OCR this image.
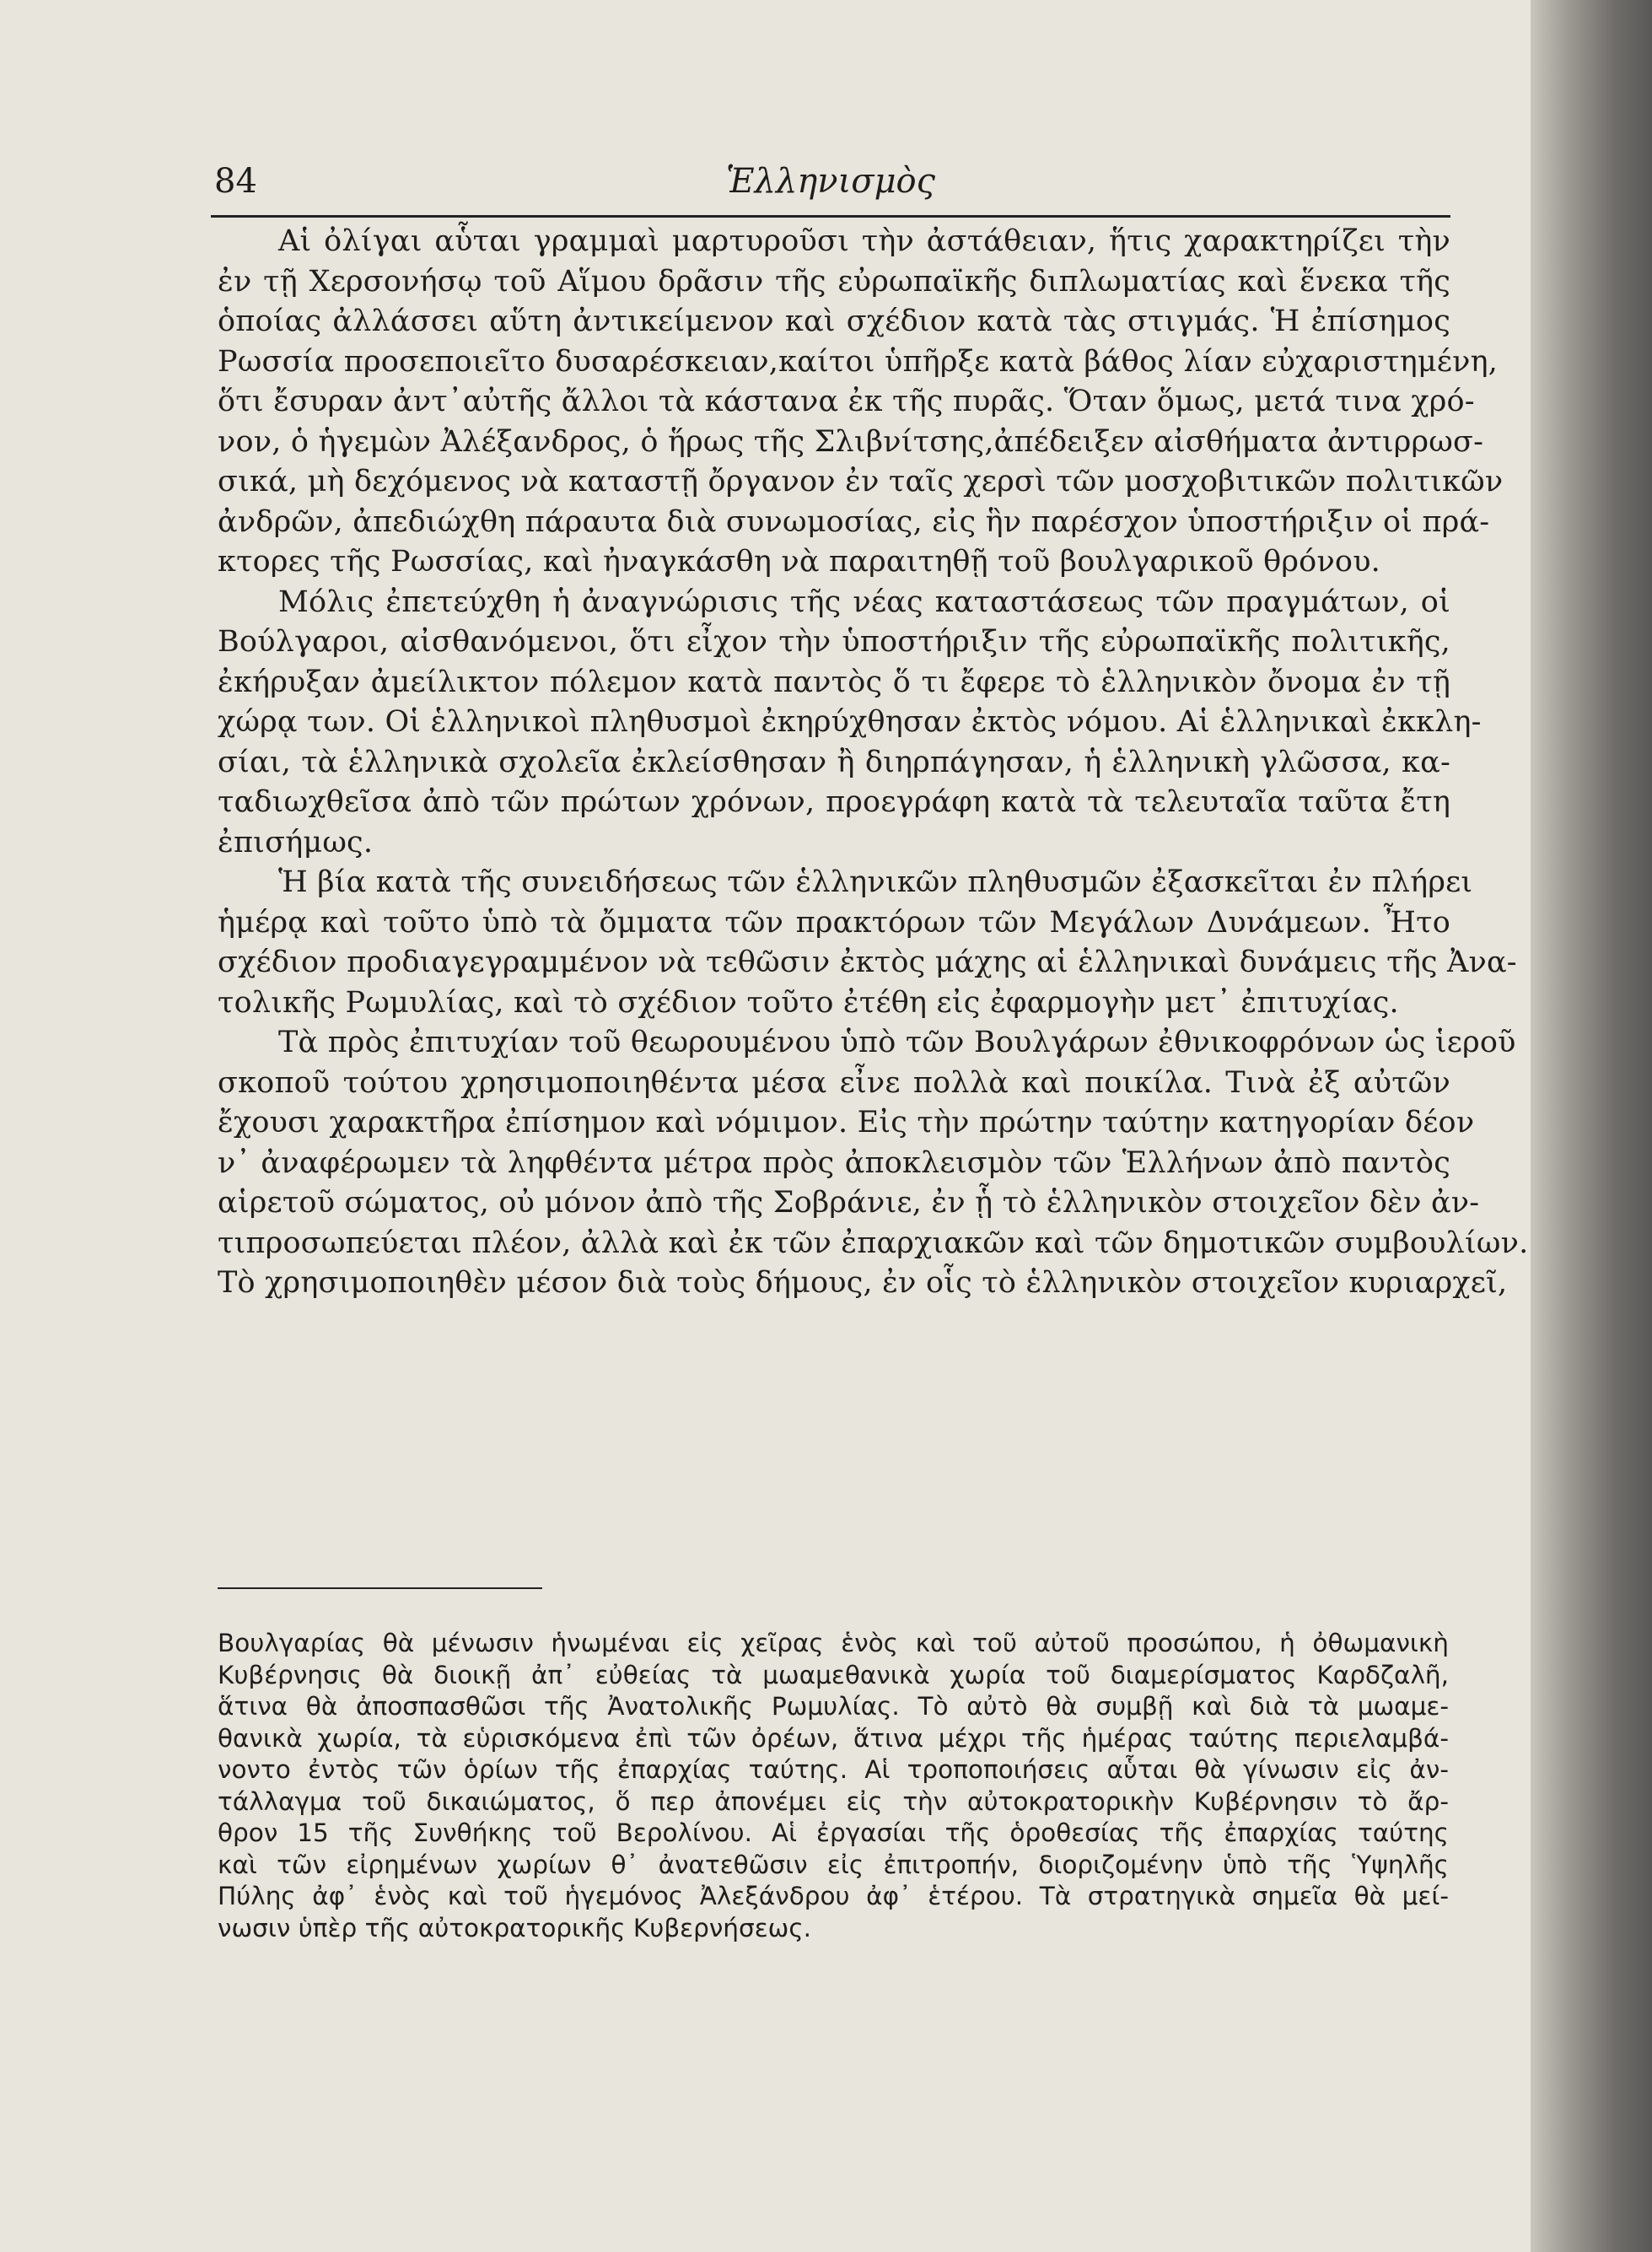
84	Ἑλληνισμὸς
Αἱ ὀλίγαι αὗται γραμμαὶ μαρτυροῦσι τὴν ἀστάθειαν, ἥτις χαρακτηρίζει τὴν
ἐν τῇ Χερσονήσῳ τοῦ Αἵμου δρᾶσιν τῆς εὐρωπαϊκῆς διπλωματίας καὶ ἕνεκα τῆς
ὁποίας ἀλλάσσει αὕτη ἀντικείμενον καὶ σχέδιον κατὰ τὰς στιγμάς. Ἡ ἐπίσημος
Ρωσσία προσεποιεῖτο δυσαρέσκειαν,καίτοι ὑπῆρξε κατὰ βάθος λίαν εὐχαριστημένη,
ὅτι ἔσυραν ἀντ᾽αὐτῆς ἄλλοι τὰ κάστανα ἐκ τῆς πυρᾶς. Ὅταν ὅμως, μετά τινα χρό-
νον, ὁ ἡγεμὼν Ἀλέξανδρος, ὁ ἥρως τῆς Σλιβνίτσης,ἀπέδειξεν αἰσθήματα ἀντιρρωσ-
σικά, μὴ δεχόμενος νὰ καταστῇ ὄργανον ἐν ταῖς χερσὶ τῶν μοσχοβιτικῶν πολιτικῶν
ἀνδρῶν, ἀπεδιώχθη πάραυτα διὰ συνωμοσίας, εἰς ἣν παρέσχον ὑποστήριξιν οἱ πρά-
κτορες τῆς Ρωσσίας, καὶ ἠναγκάσθη νὰ παραιτηθῇ τοῦ βουλγαρικοῦ θρόνου.
Μόλις ἐπετεύχθη ἡ ἀναγνώρισις τῆς νέας καταστάσεως τῶν πραγμάτων, οἱ
Βούλγαροι, αἰσθανόμενοι, ὅτι εἶχον τὴν ὑποστήριξιν τῆς εὐρωπαϊκῆς πολιτικῆς,
ἐκήρυξαν ἀμείλικτον πόλεμον κατὰ παντὸς ὅ τι ἔφερε τὸ ἑλληνικὸν ὄνομα ἐν τῇ
χώρᾳ των. Οἱ ἑλληνικοὶ πληθυσμοὶ ἐκηρύχθησαν ἐκτὸς νόμου. Αἱ ἑλληνικαὶ ἐκκλη-
σίαι, τὰ ἑλληνικὰ σχολεῖα ἐκλείσθησαν ἢ διηρπάγησαν, ἡ ἑλληνικὴ γλῶσσα, κα-
ταδιωχθεῖσα ἀπὸ τῶν πρώτων χρόνων, προεγράφη κατὰ τὰ τελευταῖα ταῦτα ἔτη
ἐπισήμως.
Ἡ βία κατὰ τῆς συνειδήσεως τῶν ἑλληνικῶν πληθυσμῶν ἐξασκεῖται ἐν πλήρει
ἡμέρᾳ καὶ τοῦτο ὑπὸ τὰ ὄμματα τῶν πρακτόρων τῶν Μεγάλων Δυνάμεων. Ἦτο
σχέδιον προδιαγεγραμμένον νὰ τεθῶσιν ἐκτὸς μάχης αἱ ἑλληνικαὶ δυνάμεις τῆς Ἀνα-
τολικῆς Ρωμυλίας, καὶ τὸ σχέδιον τοῦτο ἐτέθη εἰς ἐφαρμογὴν μετ᾽ ἐπιτυχίας.
Τὰ πρὸς ἐπιτυχίαν τοῦ θεωρουμένου ὑπὸ τῶν Βουλγάρων ἐθνικοφρόνων ὡς ἱεροῦ
σκοποῦ τούτου χρησιμοποιηθέντα μέσα εἶνε πολλὰ καὶ ποικίλα. Τινὰ ἐξ αὐτῶν
ἔχουσι χαρακτῆρα ἐπίσημον καὶ νόμιμον. Εἰς τὴν πρώτην ταύτην κατηγορίαν δέον
ν᾽ ἀναφέρωμεν τὰ ληφθέντα μέτρα πρὸς ἀποκλεισμὸν τῶν Ἑλλήνων ἀπὸ παντὸς
αἱρετοῦ σώματος, οὐ μόνον ἀπὸ τῆς Σοβράνιε, ἐν ᾗ τὸ ἑλληνικὸν στοιχεῖον δὲν ἀν-
τιπροσωπεύεται πλέον, ἀλλὰ καὶ ἐκ τῶν ἐπαρχιακῶν καὶ τῶν δημοτικῶν συμβουλίων.
Τὸ χρησιμοποιηθὲν μέσον διὰ τοὺς δήμους, ἐν οἷς τὸ ἑλληνικὸν στοιχεῖον κυριαρχεῖ,
Βουλγαρίας θὰ μένωσιν ἡνωμέναι εἰς χεῖρας ἑνὸς καὶ τοῦ αὐτοῦ προσώπου, ἡ ὀθωμανικὴ
Κυβέρνησις θὰ διοικῇ ἀπ᾽ εὐθείας τὰ μωαμεθανικὰ χωρία τοῦ διαμερίσματος Καρδζαλῆ,
ἅτινα θὰ ἀποσπασθῶσι τῆς Ἀνατολικῆς Ρωμυλίας. Τὸ αὐτὸ θὰ συμβῇ καὶ διὰ τὰ μωαμε-
θανικὰ χωρία, τὰ εὑρισκόμενα ἐπὶ τῶν ὀρέων, ἅτινα μέχρι τῆς ἡμέρας ταύτης περιελαμβά-
νοντο ἐντὸς τῶν ὁρίων τῆς ἐπαρχίας ταύτης. Αἱ τροποποιήσεις αὗται θὰ γίνωσιν εἰς ἀν-
τάλλαγμα τοῦ δικαιώματος, ὅ περ ἀπονέμει εἰς τὴν αὐτοκρατορικὴν Κυβέρνησιν τὸ ἄρ-
θρον 15 τῆς Συνθήκης τοῦ Βερολίνου. Αἱ ἐργασίαι τῆς ὁροθεσίας τῆς ἐπαρχίας ταύτης
καὶ τῶν εἰρημένων χωρίων θ᾽ ἀνατεθῶσιν εἰς ἐπιτροπήν, διοριζομένην ὑπὸ τῆς Ὑψηλῆς
Πύλης ἀφ᾽ ἑνὸς καὶ τοῦ ἡγεμόνος Ἀλεξάνδρου ἀφ᾽ ἑτέρου. Τὰ στρατηγικὰ σημεῖα θὰ μεί-
νωσιν ὑπὲρ τῆς αὐτοκρατορικῆς Κυβερνήσεως.
